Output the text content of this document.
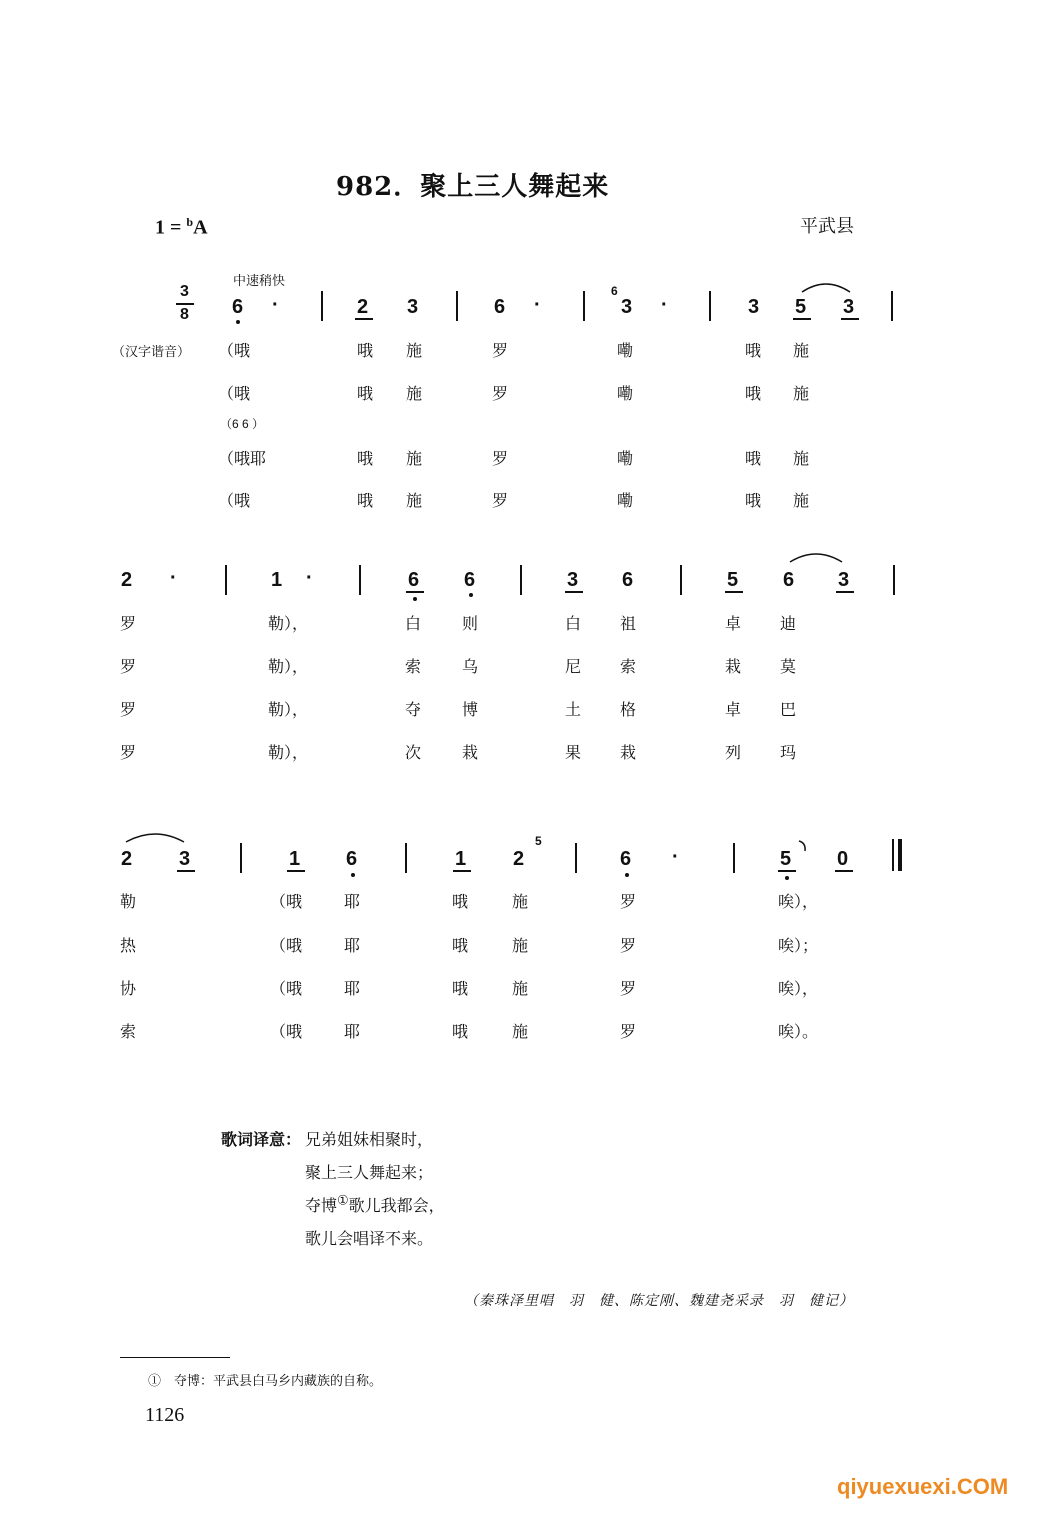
982．聚上三人舞起来
1 = $^b$A	平武县
中速稍快
3
8 6 ·	2 3	6 ·
6
3 ·	3 5 3
（汉字谐音） （哦	哦 施	罗	嘞	哦 施
（哦	哦 施	罗	嘞	哦 施
（6 6 ）
（哦耶	哦 施	罗	嘞	哦 施
（哦	哦 施	罗	嘞	哦 施
2 ·	1 ·	6 6	3 6	5 6 3
罗	勒），	白	则	白 祖	卓 迪
罗	勒），	索	乌	尼 索	栽 莫
罗	勒），	夺	博	土 格	卓 巴
罗	勒），	次	栽	果 栽	列 玛
2 3	1 6	1 2
5
6 ·	5 0
勒	（哦	耶	哦	施	罗	唉），
热	（哦	耶	哦	施	罗	唉）；
协	（哦	耶	哦	施	罗	唉），
索	（哦	耶	哦	施	罗	唉）。
歌词译意： 兄弟姐妹相聚时，
聚上三人舞起来；
夺博①歌儿我都会，
歌儿会唱译不来。
（秦珠泽里唱　羽　健、陈定刚、魏建尧采录　羽　健记）
①　夺博：平武县白马乡内藏族的自称。
1126
qiyuexuexi.COM
